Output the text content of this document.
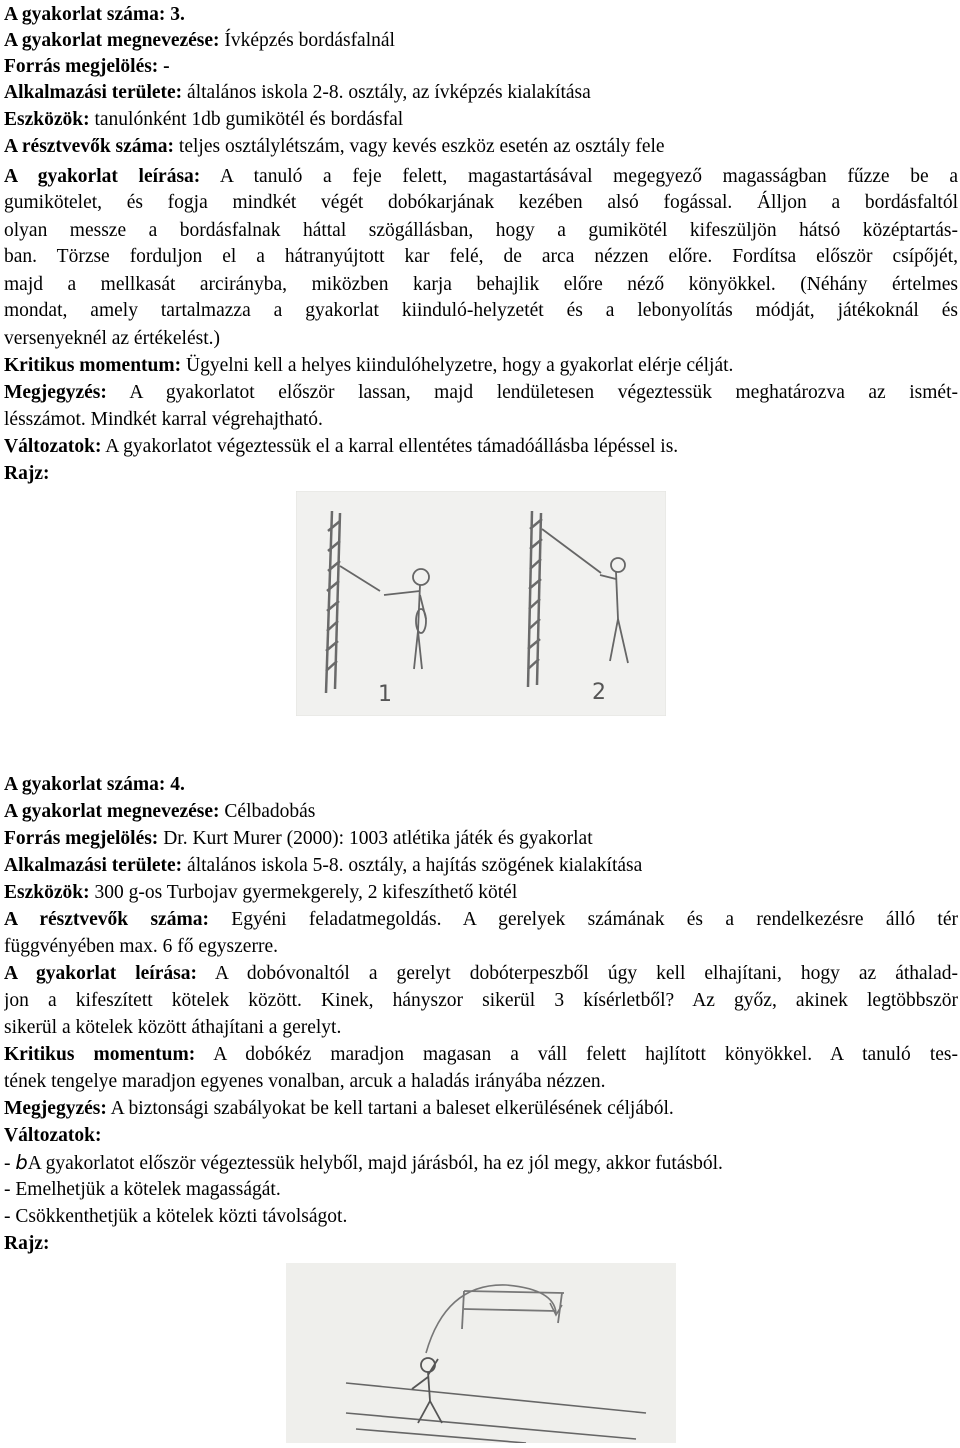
A gyakorlat száma: 3.
A gyakorlat megnevezése: Ívképzés bordásfalnál
Forrás megjelölés: -
Alkalmazási területe: általános iskola 2-8. osztály, az ívképzés kialakítása
Eszközök: tanulónként 1db gumikötél és bordásfal
A résztvevők száma: teljes osztálylétszám, vagy kevés eszköz esetén az osztály fele
A gyakorlat leírása: A tanuló a feje felett, magastartásával megegyező magasságban fűzze be a
gumikötelet, és fogja mindkét végét dobókarjának kezében alsó fogással. Álljon a bordásfaltól
olyan messze a bordásfalnak háttal szögállásban, hogy a gumikötél kifeszüljön hátsó középtartás-
ban. Törzse forduljon el a hátranyújtott kar felé, de arca nézzen előre. Fordítsa először csípőjét,
majd a mellkasát arcirányba, miközben karja behajlik előre néző könyökkel. (Néhány értelmes
mondat, amely tartalmazza a gyakorlat kiinduló-helyzetét és a lebonyolítás módját, játékoknál és
versenyeknél az értékelést.)
Kritikus momentum: Ügyelni kell a helyes kiindulóhelyzetre, hogy a gyakorlat elérje célját.
Megjegyzés: A gyakorlatot először lassan, majd lendületesen végeztessük meghatározva az ismét-
lésszámot. Mindkét karral végrehajtható.
Változatok: A gyakorlatot végeztessük el a karral ellentétes támadóállásba lépéssel is.
Rajz:
1	2
A gyakorlat száma: 4.
A gyakorlat megnevezése: Célbadobás
Forrás megjelölés: Dr. Kurt Murer (2000): 1003 atlétika játék és gyakorlat
Alkalmazási területe: általános iskola 5-8. osztály, a hajítás szögének kialakítása
Eszközök: 300 g-os Turbojav gyermekgerely, 2 kifeszíthető kötél
A résztvevők száma: Egyéni feladatmegoldás. A gerelyek számának és a rendelkezésre álló tér
függvényében max. 6 fő egyszerre.
A gyakorlat leírása: A dobóvonaltól a gerelyt dobóterpeszből úgy kell elhajítani, hogy az áthalad-
jon a kifeszített kötelek között. Kinek, hányszor sikerül 3 kísérletből? Az győz, akinek legtöbbször
sikerül a kötelek között áthajítani a gerelyt.
Kritikus momentum: A dobókéz maradjon magasan a váll felett hajlított könyökkel. A tanuló tes-
tének tengelye maradjon egyenes vonalban, arcuk a haladás irányába nézzen.
Megjegyzés: A biztonsági szabályokat be kell tartani a baleset elkerülésének céljából.
Változatok:
- bA gyakorlatot először végeztessük helyből, majd járásból, ha ez jól megy, akkor futásból.
- Emelhetjük a kötelek magasságát.
- Csökkenthetjük a kötelek közti távolságot.
Rajz:
